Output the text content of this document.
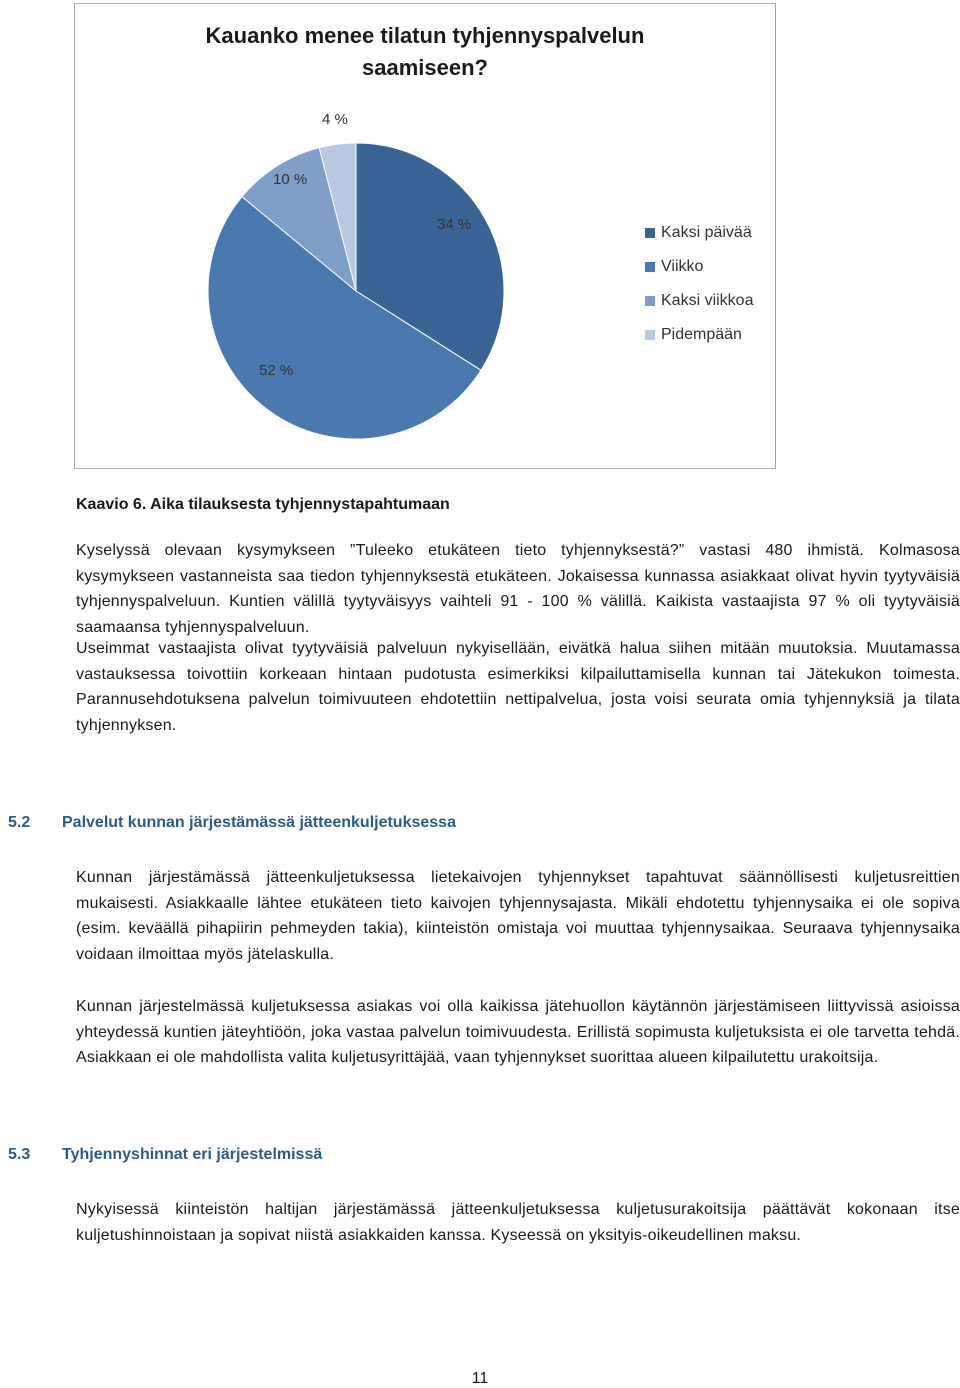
Kauanko menee tilatun tyhjennyspalvelun
saamiseen?
34 %
52 %
10 %
4 %
Kaksi päivää
Viikko
Kaksi viikkoa
Pidempään
Kaavio 6. Aika tilauksesta tyhjennystapahtumaan
Kyselyssä olevaan kysymykseen ”Tuleeko etukäteen tieto tyhjennyksestä?” vastasi 480 ihmistä. Kolmasosa kysymykseen vastanneista saa tiedon tyhjennyksestä etukäteen. Jokaisessa kunnassa asiakkaat olivat hyvin tyytyväisiä tyhjennyspalveluun. Kuntien välillä tyytyväisyys vaihteli 91 - 100 % välillä. Kaikista vastaajista 97 % oli tyytyväisiä saamaansa tyhjennyspalveluun.
Useimmat vastaajista olivat tyytyväisiä palveluun nykyisellään, eivätkä halua siihen mitään muutoksia. Muutamassa vastauksessa toivottiin korkeaan hintaan pudotusta esimerkiksi kilpailuttamisella kunnan tai Jätekukon toimesta. Parannusehdotuksena palvelun toimivuuteen ehdotettiin nettipalvelua, josta voisi seurata omia tyhjennyksiä ja tilata tyhjennyksen.
5.2 Palvelut kunnan järjestämässä jätteenkuljetuksessa
Kunnan järjestämässä jätteenkuljetuksessa lietekaivojen tyhjennykset tapahtuvat säännöllisesti kuljetusreittien mukaisesti. Asiakkaalle lähtee etukäteen tieto kaivojen tyhjennysajasta. Mikäli ehdotettu tyhjennysaika ei ole sopiva (esim. keväällä pihapiirin pehmeyden takia), kiinteistön omistaja voi muuttaa tyhjennysaikaa. Seuraava tyhjennysaika voidaan ilmoittaa myös jätelaskulla.
Kunnan järjestelmässä kuljetuksessa asiakas voi olla kaikissa jätehuollon käytännön järjestämiseen liittyvissä asioissa yhteydessä kuntien jäteyhtiöön, joka vastaa palvelun toimivuudesta. Erillistä sopimusta kuljetuksista ei ole tarvetta tehdä. Asiakkaan ei ole mahdollista valita kuljetusyrittäjää, vaan tyhjennykset suorittaa alueen kilpailutettu urakoitsija.
5.3 Tyhjennyshinnat eri järjestelmissä
Nykyisessä kiinteistön haltijan järjestämässä jätteenkuljetuksessa kuljetusurakoitsija päättävät kokonaan itse kuljetushinnoistaan ja sopivat niistä asiakkaiden kanssa. Kyseessä on yksityis-oikeudellinen maksu.
11
